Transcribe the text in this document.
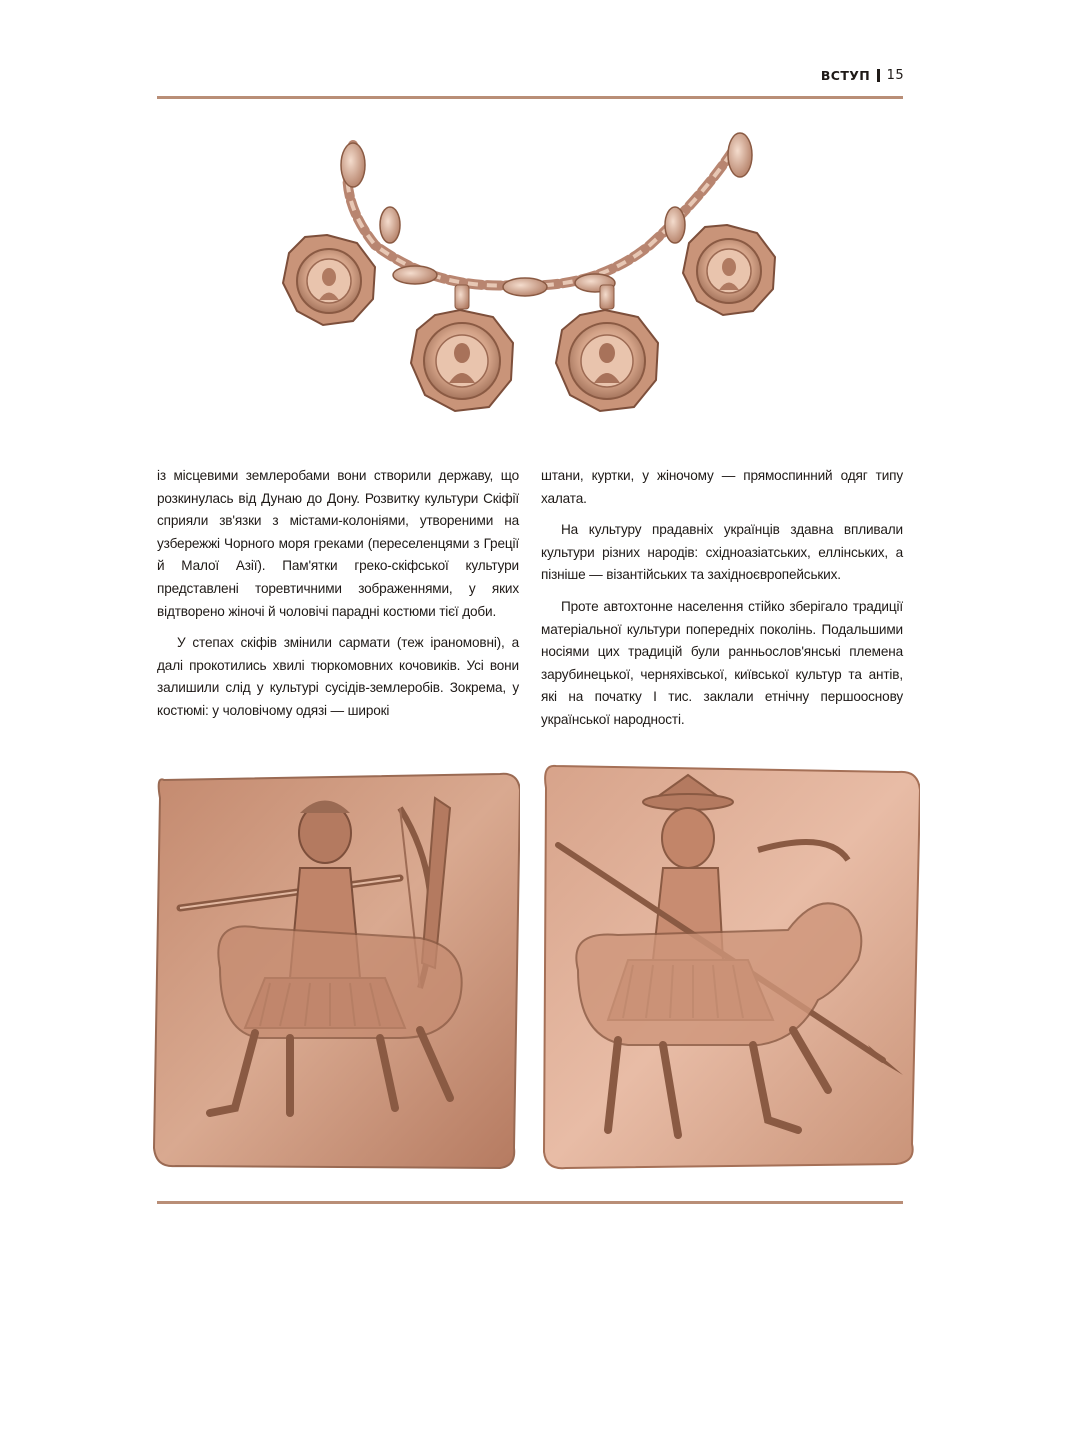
ВСТУП 15

із місцевими землеробами вони створили державу, що розкинулась від Дунаю до Дону. Розвитку культури Скіфії сприяли зв'язки з містами-колоніями, утвореними на узбережжі Чорного моря греками (переселенцями з Греції й Малої Азії). Пам'ятки греко-скіфської культури представлені торевтичними зображеннями, у яких відтворено жіночі й чоловічі парадні костюми тієї доби.

У степах скіфів змінили сармати (теж іраномовні), а далі прокотились хвилі тюркомовних кочовиків. Усі вони залишили слід у культурі сусідів-землеробів. Зокрема, у костюмі: у чоловічому одязі — широкі

штани, куртки, у жіночому — прямоспинний одяг типу халата.

На культуру прадавніх українців здавна впливали культури різних народів: східноазіатських, еллінських, а пізніше — візантійських та західноєвропейських.

Проте автохтонне населення стійко зберігало традиції матеріальної культури попередніх поколінь. Подальшими носіями цих традицій були ранньослов'янські племена зарубинецької, черняхівської, київської культур та антів, які на початку І тис. заклали етнічну першооснову української народності.
